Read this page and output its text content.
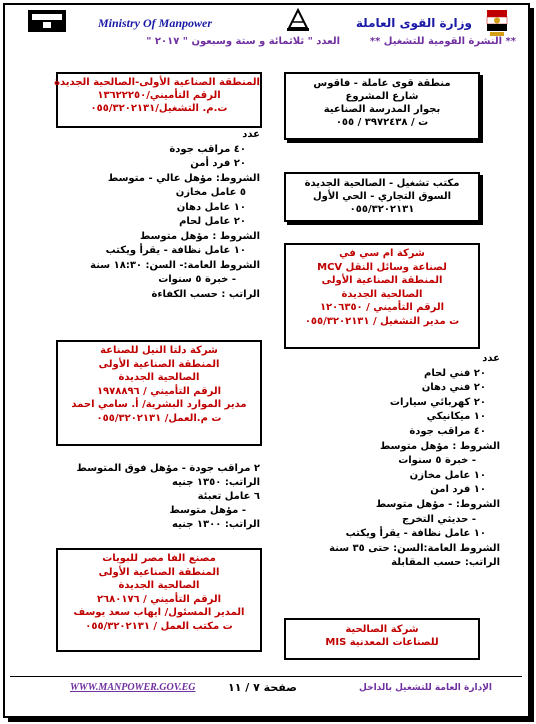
وزارة القوى العاملة
Ministry Of Manpower
** النشرة القومية للتشغيل **
العدد " ثلاثمائة و ستة وسبعون " ٢٠١٧ "
منطقة قوى عاملة - فاقوس
شارع المشروع
بجوار المدرسة الصناعية
ت / ٣٩٧٢٤٣٨ / ٠٥٥
مكتب تشغيل - الصالحية الجديدة
السوق التجاري - الحي الأول
٠٥٥/٣٢٠٢١٣١
شركة ام سي في
لصناعة وسائل النقل MCV
المنطقة الصناعية الأولى
الصالحية الجديدة
الرقم التأميني / ١٢٠٦٣٥٠
ت مدير التشغيل / ٠٥٥/٣٢٠٢١٣١
شركة الصالحية
للصناعات المعدنية MIS
المنطقة الصناعية الأولى-الصالحية الجديدة
الرقم التأميني/١٣٦٢٢٢٥٠
ت.م. التشغيل/٠٥٥/٣٢٠٢١٣١
شركة دلتا النيل للصناعة
المنطقة الصناعية الأولى
الصالحية الجديدة
الرقم التأميني / ١٩٧٨٨٩٦
مدير الموارد البشرية/ أ. سامي احمد
ت م.العمل/ ٠٥٥/٣٢٠٢١٣١
مصنع الفا مصر للبويات
المنطقة الصناعية الأولى
الصالحية الجديدة
الرقم التأميني / ٢٦٨٠١٧٦
المدير المسئول/ ايهاب سعد يوسف
ت مكتب العمل / ٠٥٥/٣٢٠٢١٣١
عدد
٤٠ مراقب جودة
٢٠ فرد أمن
الشروط: مؤهل عالي - متوسط
٥ عامل مخازن
١٠ عامل دهان
٢٠ عامل لحام
الشروط : مؤهل متوسط
١٠ عامل نظافة - يقرأ ويكتب
الشروط العامة:- السن: ١٨:٣٠ سنة
- خبرة ٥ سنوات
الراتب : حسب الكفاءة
٢ مراقب جودة - مؤهل فوق المتوسط
الراتب: ١٣٥٠ جنيه
٦ عامل تعبئة
- مؤهل متوسط
الراتب: ١٣٠٠ جنيه
عدد
٢٠ فني لحام
٢٠ فني دهان
٢٠ كهربائي سيارات
١٠ ميكانيكي
٤٠ مراقب جودة
الشروط : مؤهل متوسط
- خبرة ٥ سنوات
١٠ عامل مخازن
١٠ فرد امن
الشروط: - مؤهل متوسط
- حديثي التخرج
١٠ عامل نظافة - يقرأ ويكتب
الشروط العامة:السن: حتى ٣٥ سنة
الراتب: حسب المقابلة
WWW.MANPOWER.GOV.EG	صفحة ٧ / ١١	الإدارة العامة للتشغيل بالداخل
